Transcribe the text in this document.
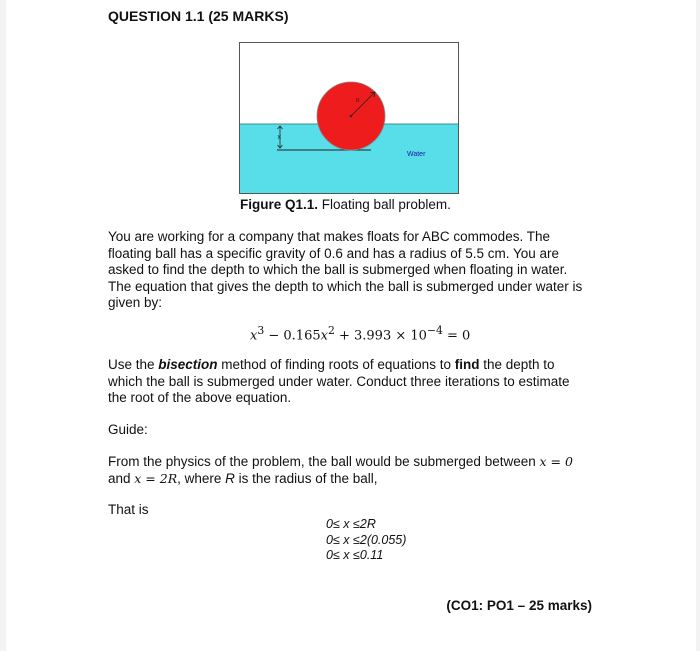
QUESTION 1.1 (25 MARKS)
R
x
Water
Figure Q1.1. Floating ball problem.
You are working for a company that makes floats for ABC commodes. The floating ball has a specific gravity of 0.6 and has a radius of 5.5 cm. You are asked to find the depth to which the ball is submerged when floating in water. The equation that gives the depth to which the ball is submerged under water is given by:
$x^3 - 0.165x^2 + 3.993 \times 10^{-4} = 0$
Use the bisection method of finding roots of equations to find the depth to which the ball is submerged under water. Conduct three iterations to estimate the root of the above equation.
Guide:
From the physics of the problem, the ball would be submerged between x = 0 and x = 2R, where R is the radius of the ball,
That is
0≤ x ≤2R
0≤ x ≤2(0.055)
0≤ x ≤0.11
(CO1: PO1 – 25 marks)
